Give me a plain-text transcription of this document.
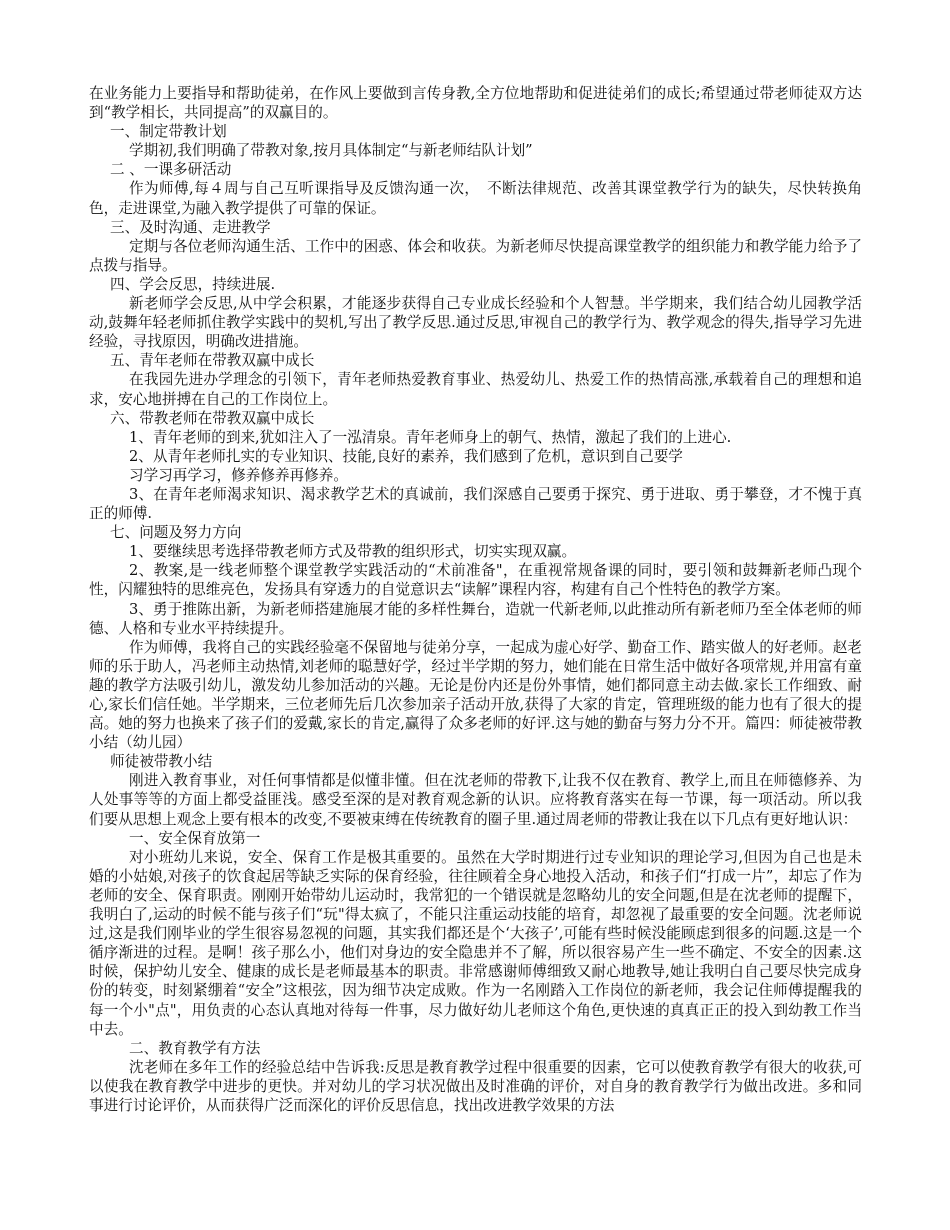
在业务能力上要指导和帮助徒弟，在作风上要做到言传身教,全方位地帮助和促进徒弟们的成长;希望通过带老师徒双方达到“教学相长，共同提高”的双赢目的。

一、制定带教计划

学期初,我们明确了带教对象,按月具体制定“与新老师结队计划”

二 、一课多研活动

作为师傅,每４周与自己互听课指导及反馈沟通一次，　不断法律规范、改善其课堂教学行为的缺失，尽快转换角色，走进课堂,为融入教学提供了可靠的保证。

三、及时沟通、走进教学

定期与各位老师沟通生活、工作中的困惑、体会和收获。为新老师尽快提高课堂教学的组织能力和教学能力给予了点拨与指导。

四、学会反思，持续进展.

新老师学会反思,从中学会积累，才能逐步获得自己专业成长经验和个人智慧。半学期来，我们结合幼儿园教学活动,鼓舞年轻老师抓住教学实践中的契机,写出了教学反思.通过反思,审视自己的教学行为、教学观念的得失,指导学习先进经验，寻找原因，明确改进措施。

五、青年老师在带教双赢中成长

在我园先进办学理念的引领下，青年老师热爱教育事业、热爱幼儿、热爱工作的热情高涨,承载着自己的理想和追求，安心地拼搏在自己的工作岗位上。

六、带教老师在带教双赢中成长

1、青年老师的到来,犹如注入了一泓清泉。青年老师身上的朝气、热情，激起了我们的上进心.

2、从青年老师扎实的专业知识、技能,良好的素养，我们感到了危机，意识到自己要学

习学习再学习，修养修养再修养。

3、在青年老师渴求知识、渴求教学艺术的真诚前，我们深感自己要勇于探究、勇于进取、勇于攀登，才不愧于真正的师傅.

七、问题及努力方向

1、要继续思考选择带教老师方式及带教的组织形式，切实实现双赢。

2、教案,是一线老师整个课堂教学实践活动的“术前准备"，在重视常规备课的同时，要引领和鼓舞新老师凸现个性，闪耀独特的思维亮色，发扬具有穿透力的自觉意识去“读解”课程内容，构建有自己个性特色的教学方案。

3、勇于推陈出新，为新老师搭建施展才能的多样性舞台，造就一代新老师,以此推动所有新老师乃至全体老师的师德、人格和专业水平持续提升。

作为师傅，我将自己的实践经验毫不保留地与徒弟分享，一起成为虚心好学、勤奋工作、踏实做人的好老师。赵老师的乐于助人，冯老师主动热情,刘老师的聪慧好学，经过半学期的努力，她们能在日常生活中做好各项常规,并用富有童趣的教学方法吸引幼儿，激发幼儿参加活动的兴趣。无论是份内还是份外事情，她们都同意主动去做.家长工作细致、耐心,家长们信任她。半学期来，三位老师先后几次参加亲子活动开放,获得了大家的肯定，管理班级的能力也有了很大的提高。她的努力也换来了孩子们的爱戴,家长的肯定,赢得了众多老师的好评.这与她的勤奋与努力分不开。篇四：师徒被带教小结（幼儿园）

师徒被带教小结

刚进入教育事业，对任何事情都是似懂非懂。但在沈老师的带教下,让我不仅在教育、教学上,而且在师德修养、为人处事等等的方面上都受益匪浅。感受至深的是对教育观念新的认识。应将教育落实在每一节课，每一项活动。所以我们要从思想上观念上要有根本的改变,不要被束缚在传统教育的圈子里.通过周老师的带教让我在以下几点有更好地认识：

一、安全保育放第一

对小班幼儿来说，安全、保育工作是极其重要的。虽然在大学时期进行过专业知识的理论学习,但因为自己也是未婚的小姑娘,对孩子的饮食起居等缺乏实际的保育经验，往往顾着全身心地投入活动，和孩子们“打成一片”，却忘了作为老师的安全、保育职责。刚刚开始带幼儿运动时，我常犯的一个错误就是忽略幼儿的安全问题,但是在沈老师的提醒下，我明白了,运动的时候不能与孩子们“玩"得太疯了，不能只注重运动技能的培育，却忽视了最重要的安全问题。沈老师说过,这是我们刚毕业的学生很容易忽视的问题，其实我们都还是个‘大孩子’,可能有些时候没能顾虑到很多的问题.这是一个循序渐进的过程。是啊！孩子那么小，他们对身边的安全隐患并不了解，所以很容易产生一些不确定、不安全的因素.这时候，保护幼儿安全、健康的成长是老师最基本的职责。非常感谢师傅细致又耐心地教导,她让我明白自己要尽快完成身份的转变，时刻紧绷着“安全”这根弦，因为细节决定成败。作为一名刚踏入工作岗位的新老师，我会记住师傅提醒我的每一个小"点"，用负责的心态认真地对待每一件事，尽力做好幼儿老师这个角色,更快速的真真正正的投入到幼教工作当中去。

二、教育教学有方法

沈老师在多年工作的经验总结中告诉我:反思是教育教学过程中很重要的因素，它可以使教育教学有很大的收获,可以使我在教育教学中进步的更快。并对幼儿的学习状况做出及时准确的评价，对自身的教育教学行为做出改进。多和同事进行讨论评价，从而获得广泛而深化的评价反思信息，找出改进教学效果的方法
